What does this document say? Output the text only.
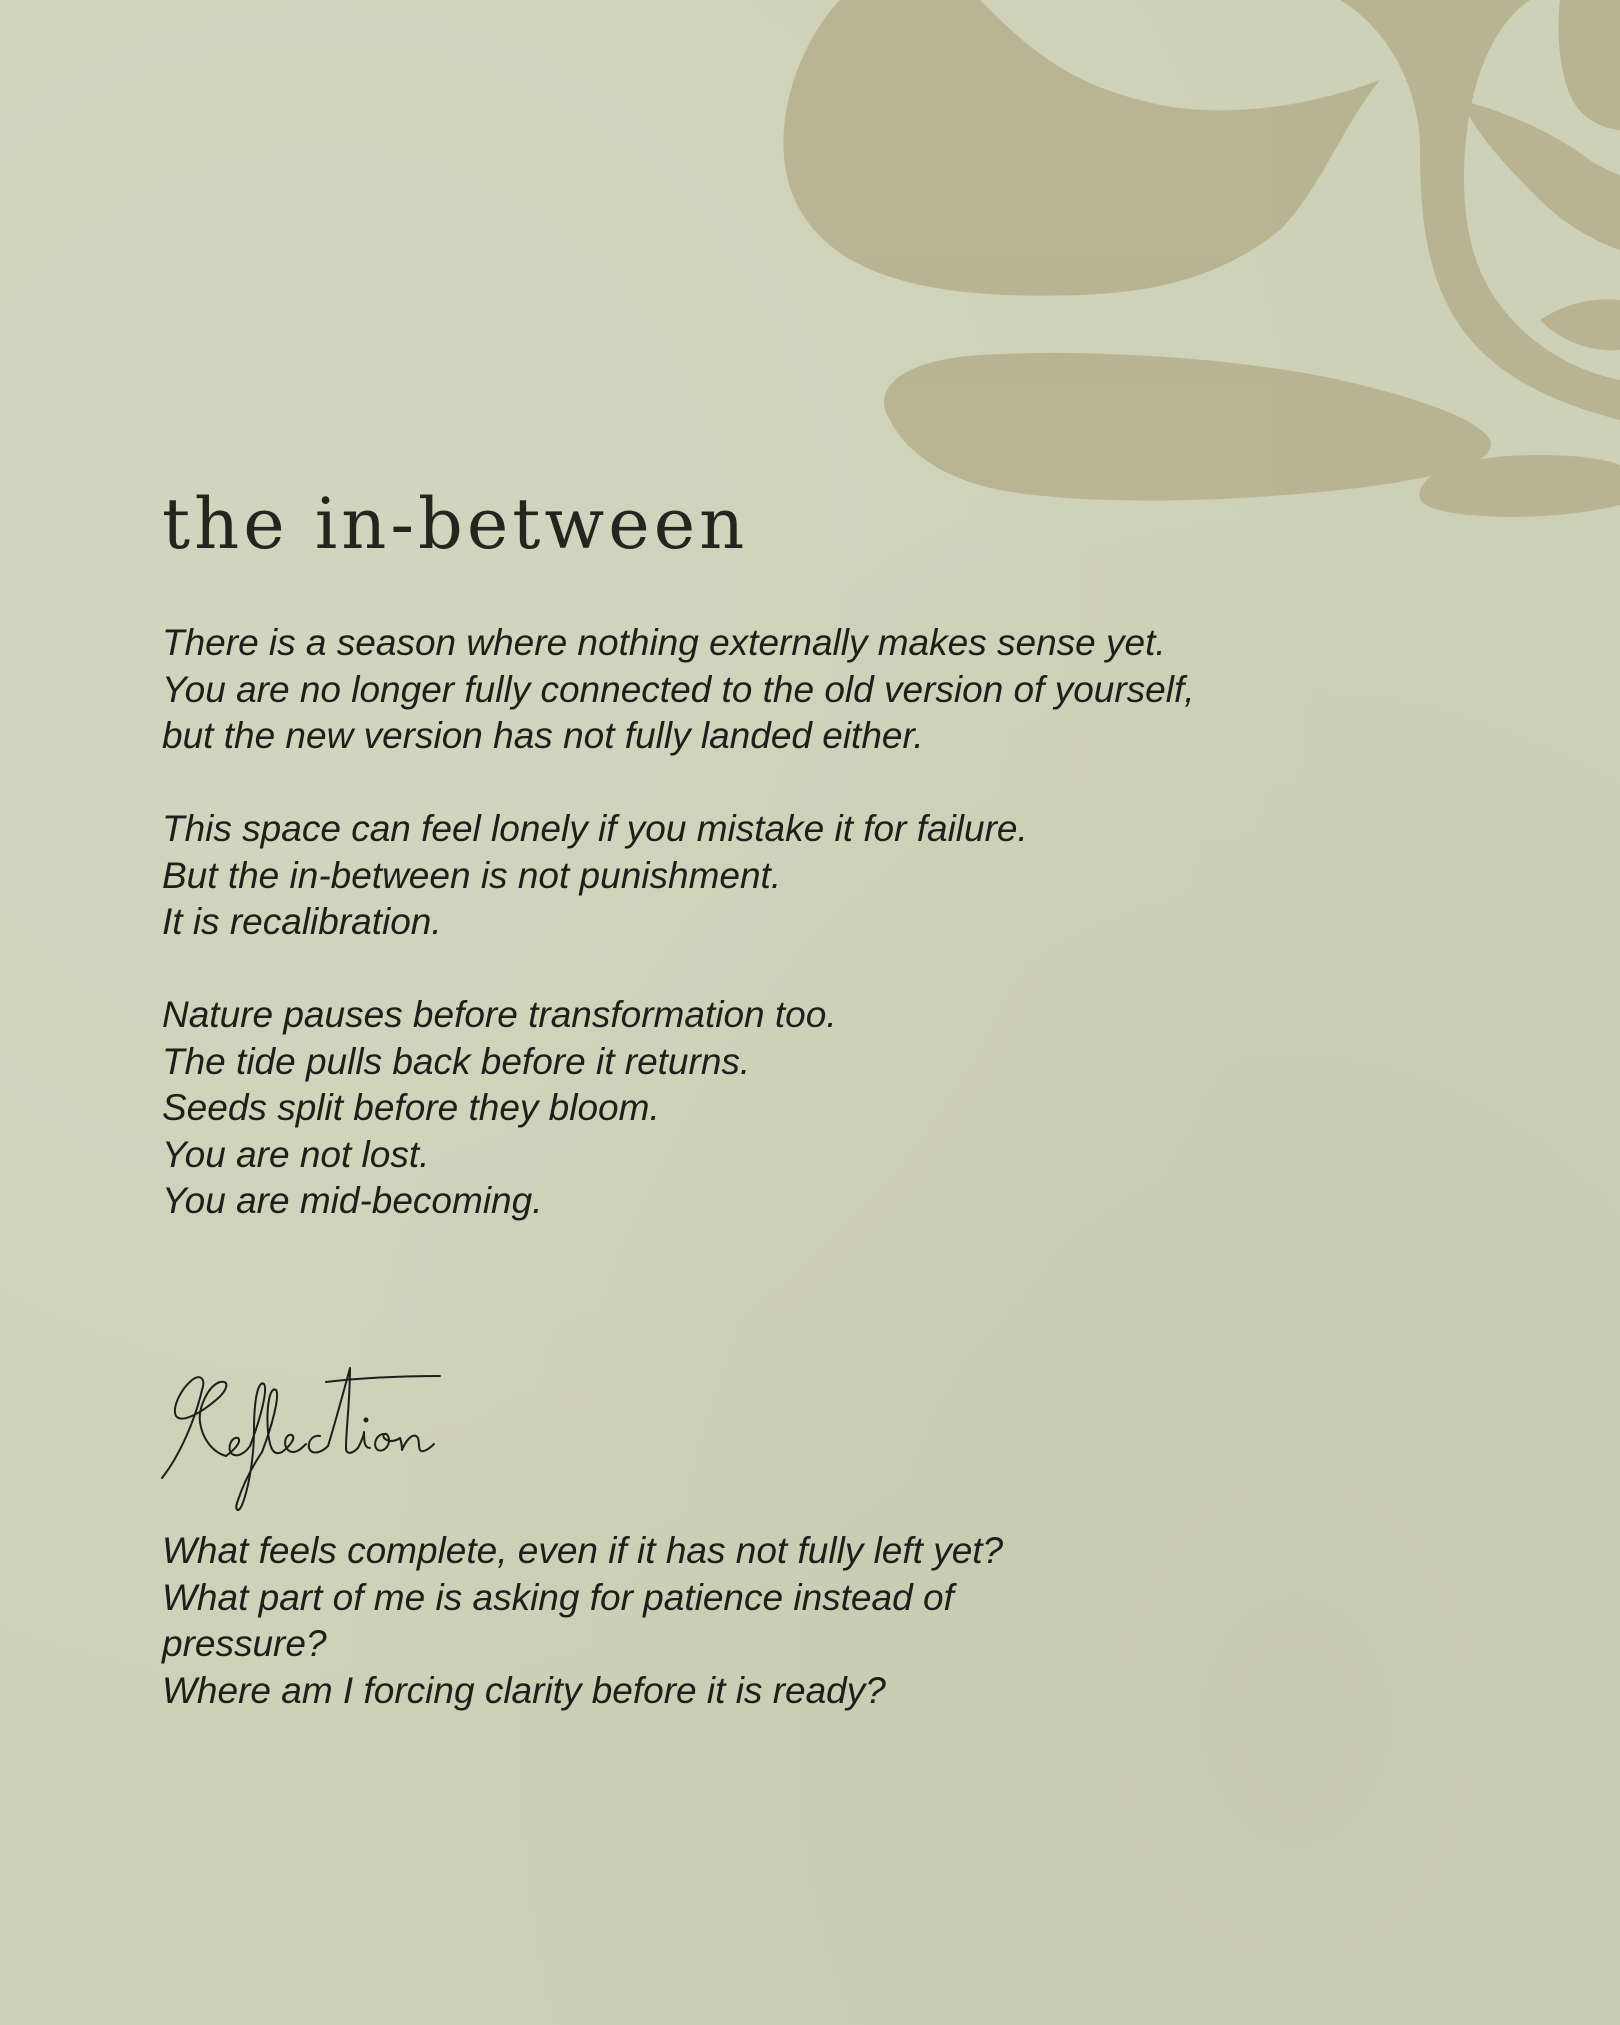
the in-between

There is a season where nothing externally makes sense yet.
You are no longer fully connected to the old version of yourself,
but the new version has not fully landed either.

This space can feel lonely if you mistake it for failure.
But the in-between is not punishment.
It is recalibration.

Nature pauses before transformation too.
The tide pulls back before it returns.
Seeds split before they bloom.
You are not lost.
You are mid-becoming.

What feels complete, even if it has not fully left yet?
What part of me is asking for patience instead of
pressure?
Where am I forcing clarity before it is ready?
